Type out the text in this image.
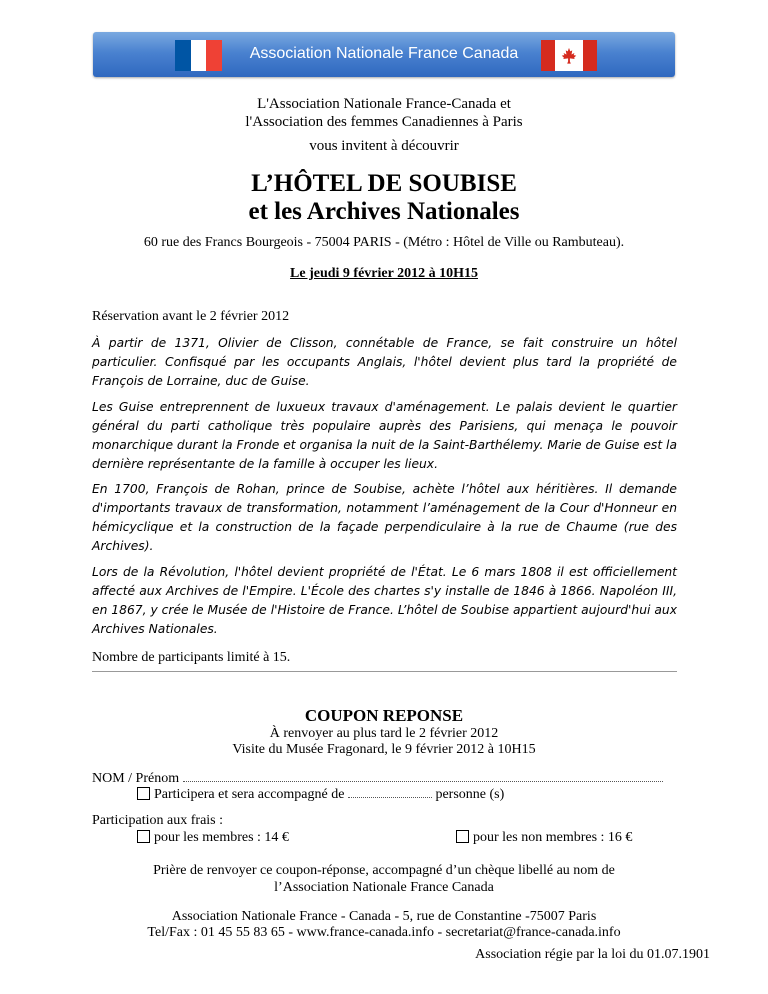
Association Nationale France Canada
L'Association Nationale France-Canada et
l'Association des femmes Canadiennes à Paris
vous invitent à découvrir
L’HÔTEL DE SOUBISE
et les Archives Nationales
60 rue des Francs Bourgeois - 75004 PARIS - (Métro : Hôtel de Ville ou Rambuteau).
Le jeudi 9 février 2012 à 10H15
Réservation avant le 2 février 2012
À partir de 1371, Olivier de Clisson, connétable de France, se fait construire un hôtel particulier. Confisqué par les occupants Anglais, l'hôtel devient plus tard la propriété de François de Lorraine, duc de Guise.
Les Guise entreprennent de luxueux travaux d'aménagement. Le palais devient le quartier général du parti catholique très populaire auprès des Parisiens, qui menaça le pouvoir monarchique durant la Fronde et organisa la nuit de la Saint-Barthélemy. Marie de Guise est la dernière représentante de la famille à occuper les lieux.
En 1700, François de Rohan, prince de Soubise, achète l’hôtel aux héritières. Il demande d'importants travaux de transformation, notamment l’aménagement de la Cour d'Honneur en hémicyclique et la construction de la façade perpendiculaire à la rue de Chaume (rue des Archives).
Lors de la Révolution, l'hôtel devient propriété de l'État. Le 6 mars 1808 il est officiellement affecté aux Archives de l'Empire. L'École des chartes s'y installe de 1846 à 1866. Napoléon III, en 1867, y crée le Musée de l'Histoire de France. L’hôtel de Soubise appartient aujourd'hui aux Archives Nationales.
Nombre de participants limité à 15.
COUPON REPONSE
À renvoyer au plus tard le 2 février 2012
Visite du Musée Fragonard, le 9 février 2012 à 10H15
NOM / Prénom
Participera et sera accompagné de	personne (s)
Participation aux frais :
pour les membres : 14 €	pour les non membres : 16 €
Prière de renvoyer ce coupon-réponse, accompagné d’un chèque libellé au nom de
l’Association Nationale France Canada
Association Nationale France - Canada - 5, rue de Constantine -75007 Paris
Tel/Fax : 01 45 55 83 65 - www.france-canada.info - secretariat@france-canada.info
Association régie par la loi du 01.07.1901
